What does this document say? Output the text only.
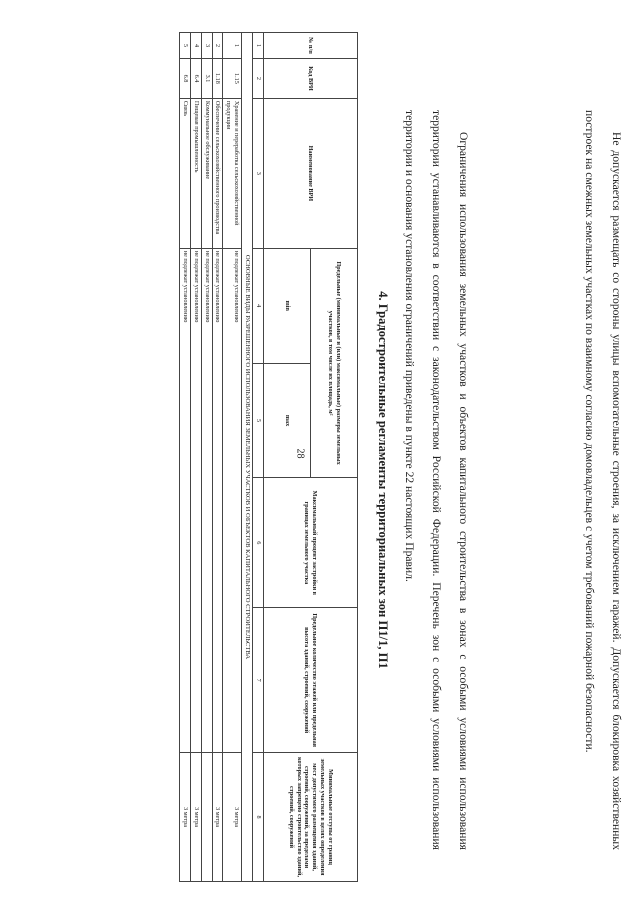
28	Не допускается размещать со стороны улицы вспомогательные строения, за исключением гаражей. Допускается блокировка хозяйственных построек на смежных земельных участках по взаимному согласию домовладельцев с учетом требований пожарной безопасности.
Ограничения использования земельных участков и объектов капитального строительства в зонах с особыми условиями использования территории устанавливаются в соответствии с законодательством Российской Федерации. Перечень зон с особыми условиями использования территории и основания установления ограничений приведены в пункте 22 настоящих Правил.
4. Градостроительные регламенты территориальных зон П1/1, П1
№ п/п	Код ВРИ	Наименование ВРИ	Предельные (минимальные и (или) максимальные) размеры земельных участков, в том числе их площадь, м²		Максимальный процент застройки в границах земельного участка	Предельное количество этажей или предельная высота зданий, строений, сооружений	Минимальные отступы от границ земельных участков в целях определения мест допустимого размещения зданий, строений, сооружений, за пределами которых запрещено строительство зданий, строений, сооружений
			min	max			
1	2	3	4	5	6	7	8
ОСНОВНЫЕ ВИДЫ РАЗРЕШЕННОГО ИСПОЛЬЗОВАНИЯ ЗЕМЕЛЬНЫХ УЧАСТКОВ И ОБЪЕКТОВ КАПИТАЛЬНОГО СТРОИТЕЛЬСТВА							
1	1.15	Хранение и переработка сельскохозяйственной продукции	не подлежат установлению				3 метра
2	1.18	Обеспечение сельскохозяйственного производства	не подлежат установлению				3 метра
3	3.1	Коммунальное обслуживание	не подлежат установлению				
4	6.4	Пищевая промышленность	не подлежат установлению				3 метра
5	6.8	Связь	не подлежат установлению				3 метра
